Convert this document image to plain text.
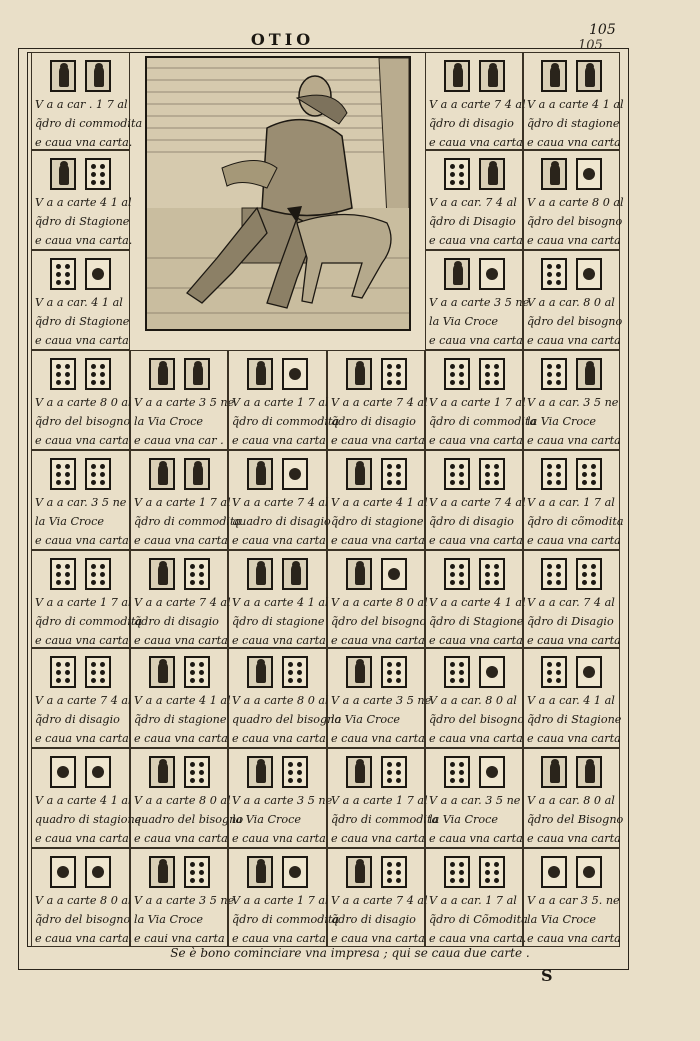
105
105
OTIO
V a a car . 1 7 al
q̃dro di commodita
e caua vna carta.
V a a carte 7 4 al
q̃dro di disagio
e caua vna carta
V a a carte 4 1 al
q̃dro di stagione
e caua vna carta
V a a carte 4 1 al
q̃dro di Stagione
e caua vna carta.
V a a car. 7 4 al
q̃dro di Disagio
e caua vna carta
V a a carte 8 0 al
q̃dro del bisogno
e caua vna carta
V a a car. 4 1 al
q̃dro di Stagione
e caua vna carta
V a a carte 3 5 ne
la Via Croce
e caua vna carta
V a a car. 8 0 al
q̃dro del bisogno
e caua vna carta
V a a carte 8 0 al
q̃dro del bisogno
e caua vna carta
V a a carte 3 5 ne
la Via Croce
e caua vna car .
V a a carte 1 7 al
q̃dro di commodita
e caua vna carta
V a a carte 7 4 al
q̃dro di disagio
e caua vna carta
V a a carte 1 7 al
q̃dro di commodita
e caua vna carta
V a a car. 3 5 ne
la Via Croce
e caua vna carta
V a a car. 3 5 ne
la Via Croce
e caua vna carta
V a a carte 1 7 al
q̃dro di commodita
e caua vna carta
V a a carte 7 4 al
quadro di disagio
e caua vna carta
V a a carte 4 1 al
q̃dro di stagione
e caua vna carta
V a a carte 7 4 al
q̃dro di disagio
e caua vna carta
V a a car. 1 7 al
q̃dro di cõmodita
e caua vna carta
V a a carte 1 7 al
q̃dro di commodita
e caua vna carta
V a a carte 7 4 al
q̃dro di disagio
e caua vna carta
V a a carte 4 1 al
q̃dro di stagione
e caua vna carta
V a a carte 8 0 al
q̃dro del bisogno
e caua vna carta
V a a carte 4 1 al
q̃dro di Stagione
e caua vna carta
V a a car. 7 4 al
q̃dro di Disagio
e caua vna carta
V a a carte 7 4 al
q̃dro di disagio
e caua vna carta
V a a carte 4 1 al
q̃dro di stagione
e caua vna carta
V a a carte 8 0 al
quadro del bisogno
e caua vna carta
V a a carte 3 5 ne
la Via Croce
e caua vna carta
V a a car. 8 0 al
q̃dro del bisogno
e caua vna carta
V a a car. 4 1 al
q̃dro di Stagione
e caua vna carta
V a a carte 4 1 al
quadro di stagione
e caua vna carta
V a a carte 8 0 al
quadro del bisogno
e caua vna carta
V a a carte 3 5 ne
la Via Croce
e caua vna carta
V a a carte 1 7 al
q̃dro di commodita
e caua vna carta
V a a car. 3 5 ne
la Via Croce
e caua vna carta
V a a car. 8 0 al
q̃dro del Bisogno
e caua vna carta
V a a carte 8 0 al
q̃dro del bisogno
e caua vna carta.
V a a carte 3 5 ne
la Via Croce
e caui vna carta
V a a carte 1 7 al
q̃dro di commodita
e caua vna carta
V a a carte 7 4 al
q̃dro di disagio
e caua vna carta
V a a car. 1 7 al
q̃dro di Cõmodita
e caua vna carta.
V a a car 3 5. ne
la Via Croce
e caua vna carta
Se è bono cominciare vna impresa ; qui se caua due carte .
S
